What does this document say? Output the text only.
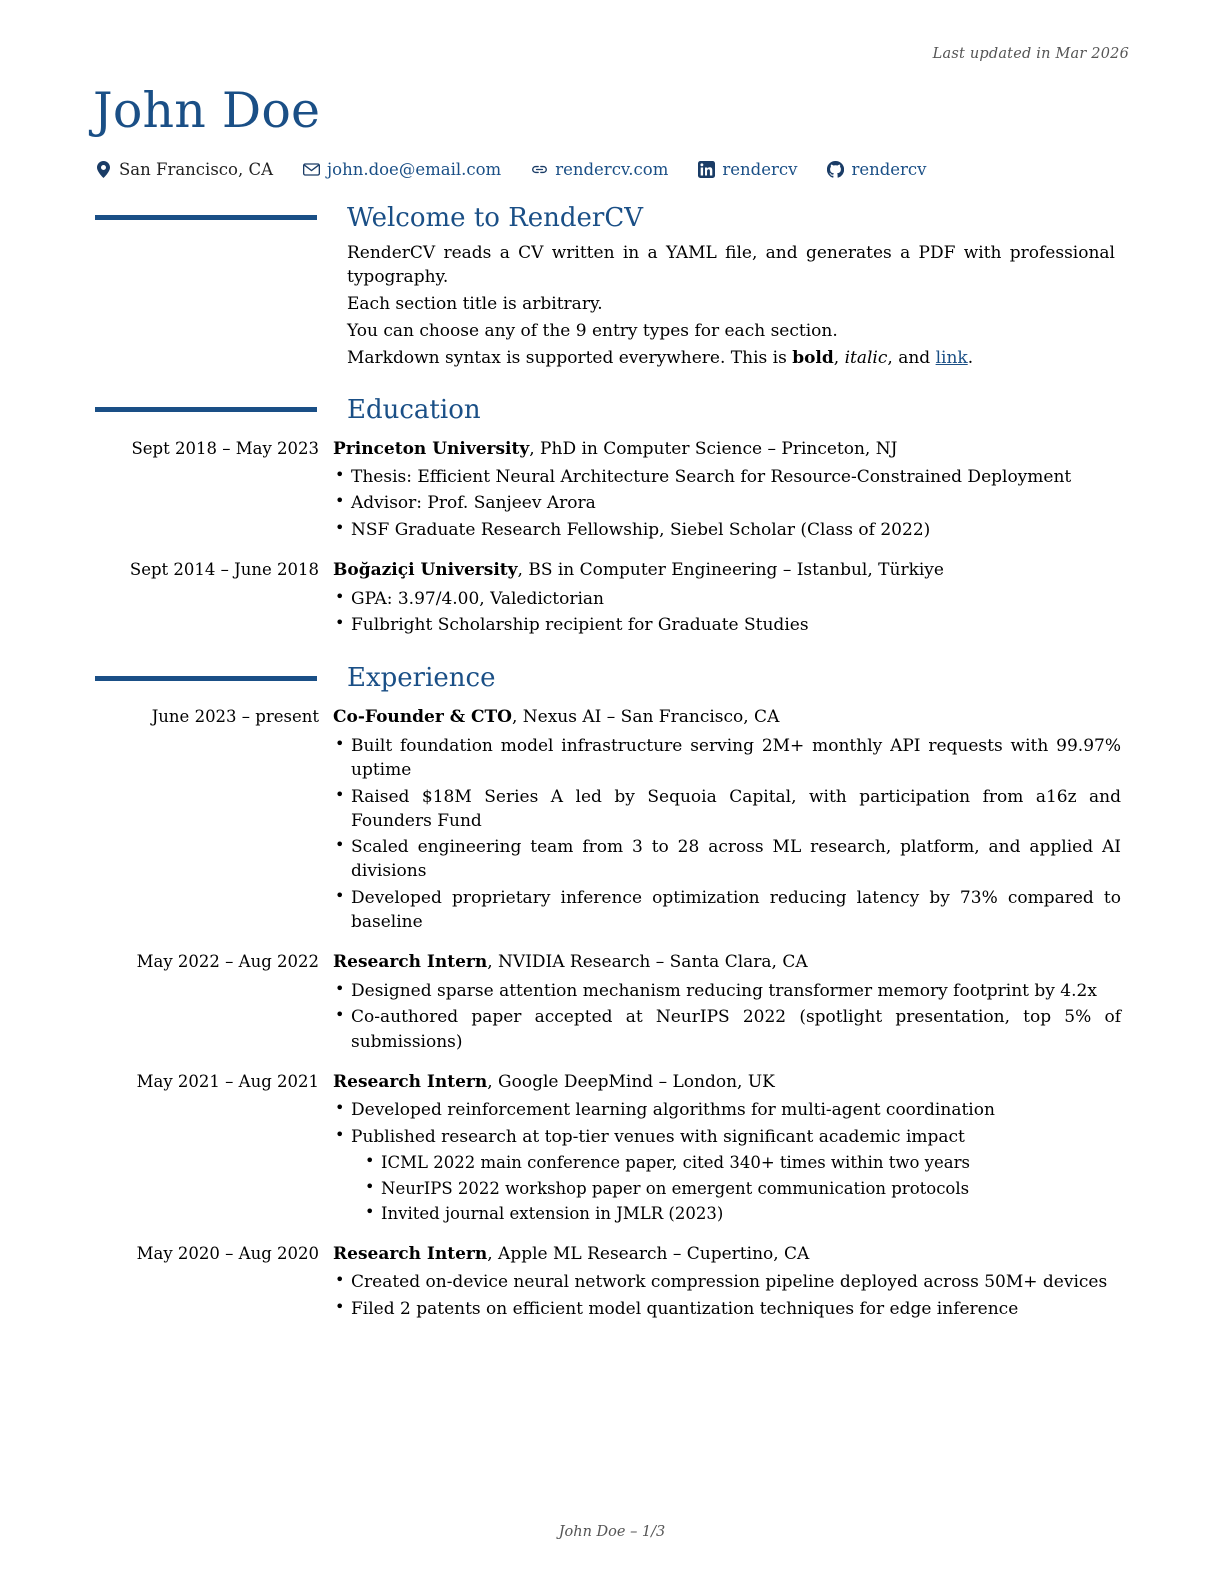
Last updated in Mar 2026
John Doe
San Francisco, CA	john.doe@email.com	rendercv.com	rendercv	rendercv
Welcome to RenderCV

RenderCV reads a CV written in a YAML file, and generates a PDF with professional typography.

Each section title is arbitrary.

You can choose any of the 9 entry types for each section.

Markdown syntax is supported everywhere. This is bold, italic, and link.

Education
Sept 2018 – May 2023 Princeton University, PhD in Computer Science – Princeton, NJ
• Thesis: Efficient Neural Architecture Search for Resource-Constrained Deployment
• Advisor: Prof. Sanjeev Arora
• NSF Graduate Research Fellowship, Siebel Scholar (Class of 2022)
Sept 2014 – June 2018 Boğaziçi University, BS in Computer Engineering – Istanbul, Türkiye
• GPA: 3.97/4.00, Valedictorian
• Fulbright Scholarship recipient for Graduate Studies
Experience
June 2023 – present Co-Founder & CTO, Nexus AI – San Francisco, CA
• Built foundation model infrastructure serving 2M+ monthly API requests with 99.97% uptime
• Raised $18M Series A led by Sequoia Capital, with participation from a16z and Founders Fund
• Scaled engineering team from 3 to 28 across ML research, platform, and applied AI divisions
• Developed proprietary inference optimization reducing latency by 73% compared to baseline
May 2022 – Aug 2022 Research Intern, NVIDIA Research – Santa Clara, CA
• Designed sparse attention mechanism reducing transformer memory footprint by 4.2x
• Co-authored paper accepted at NeurIPS 2022 (spotlight presentation, top 5% of submissions)
May 2021 – Aug 2021 Research Intern, Google DeepMind – London, UK
• Developed reinforcement learning algorithms for multi-agent coordination
• Published research at top-tier venues with significant academic impact
• ICML 2022 main conference paper, cited 340+ times within two years
• NeurIPS 2022 workshop paper on emergent communication protocols
• Invited journal extension in JMLR (2023)
May 2020 – Aug 2020 Research Intern, Apple ML Research – Cupertino, CA
• Created on-device neural network compression pipeline deployed across 50M+ devices
• Filed 2 patents on efficient model quantization techniques for edge inference
John Doe – 1/3
